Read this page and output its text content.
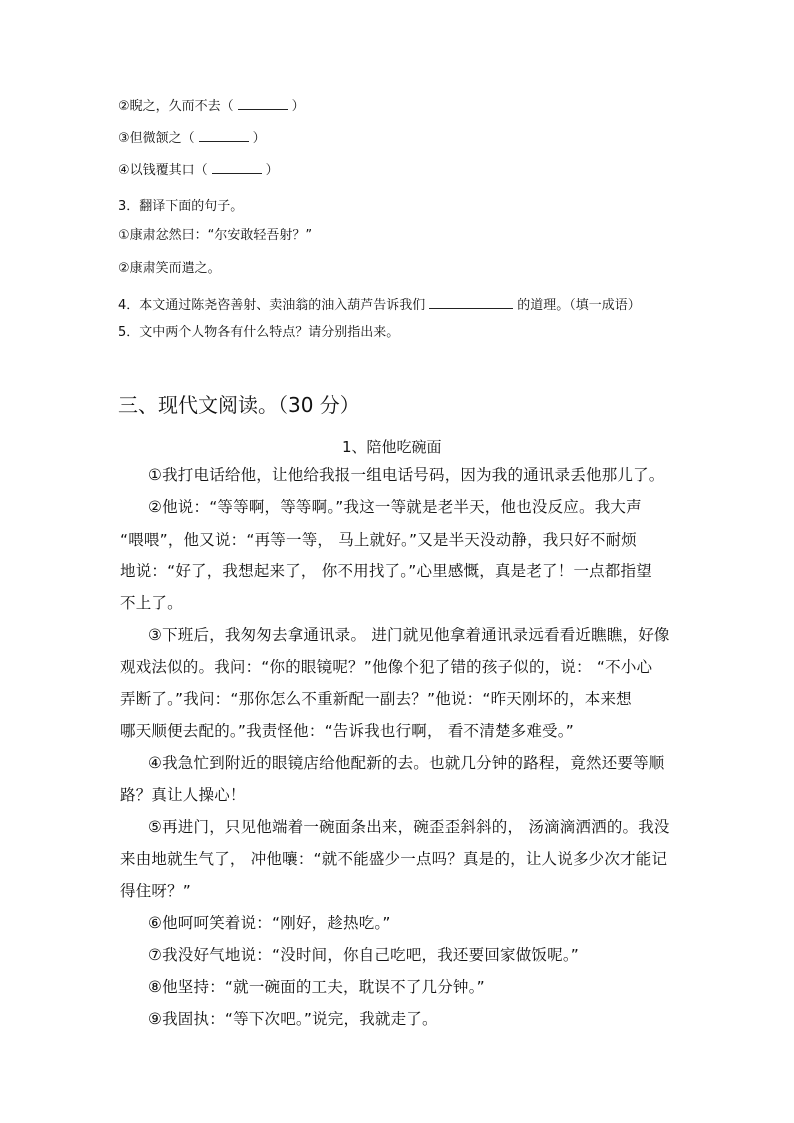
②睨之，久而不去（	）
③但微颔之（	）
④以钱覆其口（	）
3．翻译下面的句子。
①康肃忿然曰：“尔安敢轻吾射？”
②康肃笑而遣之。
4．本文通过陈尧咨善射、卖油翁的油入葫芦告诉我们	的道理。（填一成语）
5．文中两个人物各有什么特点？请分别指出来。
三、现代文阅读。（30 分）
1、陪他吃碗面
①我打电话给他，让他给我报一组电话号码，因为我的通讯录丢他那儿了。
②他说：“等等啊，等等啊。”我这一等就是老半天，他也没反应。我大声
“喂喂”，他又说：“再等一等， 马上就好。”又是半天没动静，我只好不耐烦
地说：“好了，我想起来了， 你不用找了。”心里感慨，真是老了！一点都指望
不上了。
③下班后，我匆匆去拿通讯录。 进门就见他拿着通讯录远看看近瞧瞧，好像
观戏法似的。我问：“你的眼镜呢？”他像个犯了错的孩子似的，说： “不小心
弄断了。”我问：“那你怎么不重新配一副去？”他说：“昨天刚坏的，本来想
哪天顺便去配的。”我责怪他：“告诉我也行啊， 看不清楚多难受。”
④我急忙到附近的眼镜店给他配新的去。也就几分钟的路程，竟然还要等顺
路？真让人操心！
⑤再进门，只见他端着一碗面条出来，碗歪歪斜斜的， 汤滴滴洒洒的。我没
来由地就生气了， 冲他嚷：“就不能盛少一点吗？真是的，让人说多少次才能记
得住呀？”
⑥他呵呵笑着说：“刚好，趁热吃。”
⑦我没好气地说：“没时间，你自己吃吧，我还要回家做饭呢。”
⑧他坚持：“就一碗面的工夫，耽误不了几分钟。”
⑨我固执：“等下次吧。”说完，我就走了。
